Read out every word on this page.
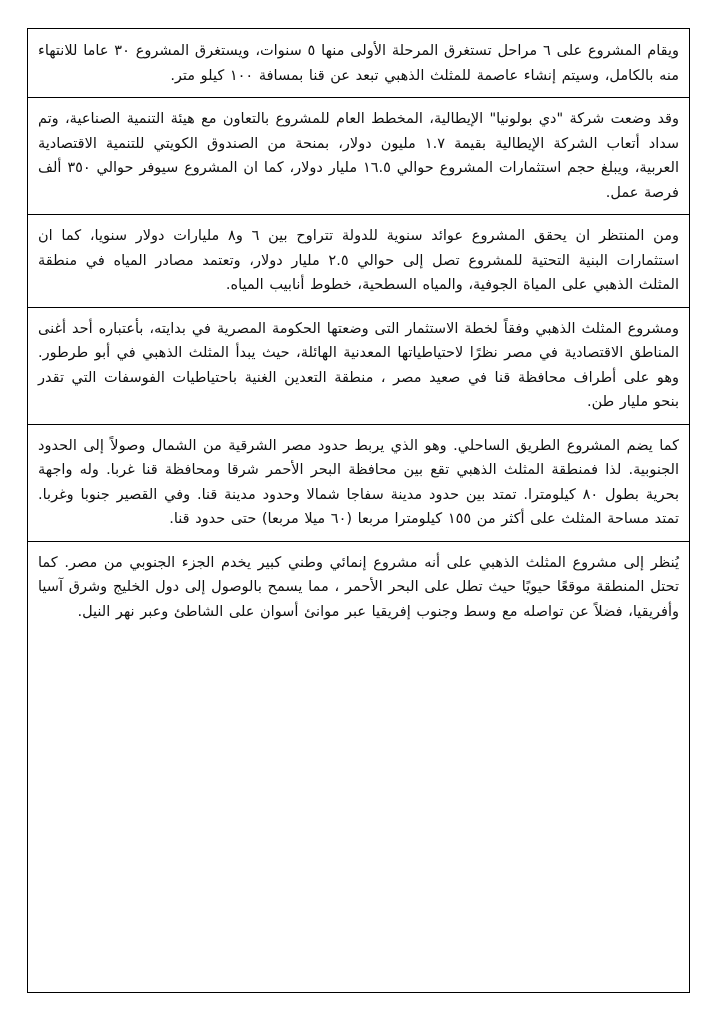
ويقام المشروع على ٦ مراحل تستغرق المرحلة الأولى منها ٥ سنوات، ويستغرق المشروع ٣٠ عاما للانتهاء منه بالكامل، وسيتم إنشاء عاصمة للمثلث الذهبي تبعد عن قنا بمسافة ١٠٠ كيلو متر.

وقد وضعت شركة "دي بولونيا" الإيطالية، المخطط العام للمشروع بالتعاون مع هيئة التنمية الصناعية، وتم سداد أتعاب الشركة الإيطالية بقيمة ١.٧ مليون دولار، بمنحة من الصندوق الكويتي للتنمية الاقتصادية العربية، ويبلغ حجم استثمارات المشروع حوالي ١٦.٥ مليار دولار، كما ان المشروع سيوفر حوالي ٣٥٠ ألف فرصة عمل.

ومن المنتظر ان يحقق المشروع عوائد سنوية للدولة تتراوح بين ٦ و٨ مليارات دولار سنويا، كما ان استثمارات البنية التحتية للمشروع تصل إلى حوالي ٢.٥ مليار دولار، وتعتمد مصادر المياه في منطقة المثلث الذهبي على المياة الجوفية، والمياه السطحية، خطوط أنابيب المياه.

ومشروع المثلث الذهبي وفقاً لخطة الاستثمار التى وضعتها الحكومة المصرية في بدايته، بأعتباره أحد أغنى المناطق الاقتصادية في مصر نظرًا لاحتياطياتها المعدنية الهائلة، حيث يبدأ المثلث الذهبي في أبو طرطور. وهو على أطراف محافظة قنا في صعيد مصر ، منطقة التعدين الغنية باحتياطيات الفوسفات التي تقدر بنحو مليار طن.

كما يضم المشروع الطريق الساحلي. وهو الذي يربط حدود مصر الشرقية من الشمال وصولاً إلى الحدود الجنوبية. لذا فمنطقة المثلث الذهبي تقع بين محافظة البحر الأحمر شرقا ومحافظة قنا غربا. وله واجهة بحرية بطول ٨٠ كيلومترا. تمتد بين حدود مدينة سفاجا شمالا وحدود مدينة قنا. وفي القصير جنوبا وغربا. تمتد مساحة المثلث على أكثر من ١٥٥ كيلومترا مربعا (٦٠ ميلا مربعا) حتى حدود قنا.

يُنظر إلى مشروع المثلث الذهبي على أنه مشروع إنمائي وطني كبير يخدم الجزء الجنوبي من مصر. كما تحتل المنطقة موقعًا حيويًا حيث تطل على البحر الأحمر ، مما يسمح بالوصول إلى دول الخليج وشرق آسيا وأفريقيا، فضلاً عن تواصله مع وسط وجنوب إفريقيا عبر موانئ أسوان على الشاطئ وعبر نهر النيل.
